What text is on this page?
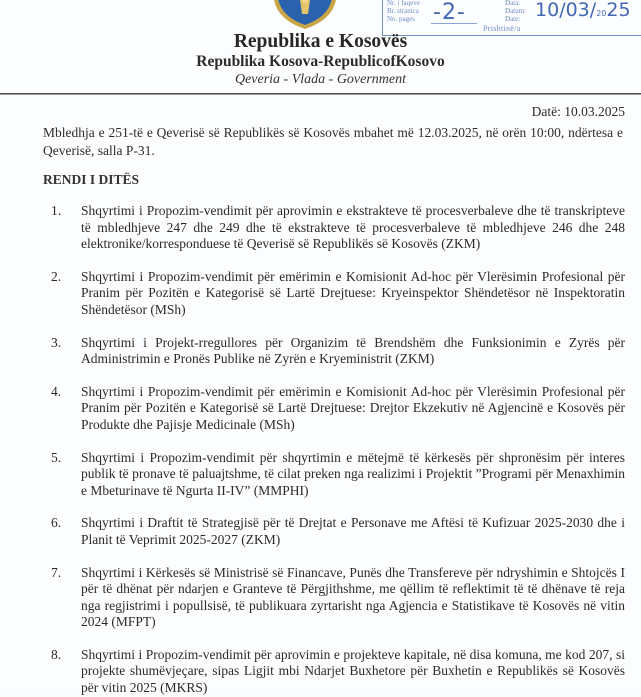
Nr. i faqeve
Br. stranica
No. pages -2-	Data:
Datum:
Date: 10/03/2025
Prishtinë/a
Republika e Kosovës
Republika Kosova-RepublicofKosovo
Qeveria - Vlada - Government
Datë: 10.03.2025

Mbledhja e 251-të e Qeverisë së Republikës së Kosovës mbahet më 12.03.2025, në orën 10:00, ndërtesa e Qeverisë, salla P-31.

RENDI I DITËS
1. Shqyrtimi i Propozim-vendimit për aprovimin e ekstrakteve të procesverbaleve dhe të transkripteve të mbledhjeve 247 dhe 249 dhe të ekstrakteve të procesverbaleve të mbledhjeve 246 dhe 248 elektronike/korresponduese të Qeverisë së Republikës së Kosovës (ZKM)
2. Shqyrtimi i Propozim-vendimit për emërimin e Komisionit Ad-hoc për Vlerësimin Profesional për Pranim për Pozitën e Kategorisë së Lartë Drejtuese: Kryeinspektor Shëndetësor në Inspektoratin Shëndetësor (MSh)
3. Shqyrtimi i Projekt-rregullores për Organizim të Brendshëm dhe Funksionimin e Zyrës për Administrimin e Pronës Publike në Zyrën e Kryeministrit (ZKM)
4. Shqyrtimi i Propozim-vendimit për emërimin e Komisionit Ad-hoc për Vlerësimin Profesional për Pranim për Pozitën e Kategorisë së Lartë Drejtuese: Drejtor Ekzekutiv në Agjencinë e Kosovës për Produkte dhe Pajisje Medicinale (MSh)
5. Shqyrtimi i Propozim-vendimit për shqyrtimin e mëtejmë të kërkesës për shpronësim për interes publik të pronave të paluajtshme, të cilat preken nga realizimi i Projektit ”Programi për Menaxhimin e Mbeturinave të Ngurta II-IV” (MMPHI)
6. Shqyrtimi i Draftit të Strategjisë për të Drejtat e Personave me Aftësi të Kufizuar 2025-2030 dhe i Planit të Veprimit 2025-2027 (ZKM)
7. Shqyrtimi i Kërkesës së Ministrisë së Financave, Punës dhe Transfereve për ndryshimin e Shtojcës I për të dhënat për ndarjen e Granteve të Përgjithshme, me qëllim të reflektimit të të dhënave të reja nga regjistrimi i popullsisë, të publikuara zyrtarisht nga Agjencia e Statistikave të Kosovës në vitin 2024 (MFPT)
8. Shqyrtimi i Propozim-vendimit për aprovimin e projekteve kapitale, në disa komuna, me kod 207, si projekte shumëvjeçare, sipas Ligjit mbi Ndarjet Buxhetore për Buxhetin e Republikës së Kosovës për vitin 2025 (MKRS)
